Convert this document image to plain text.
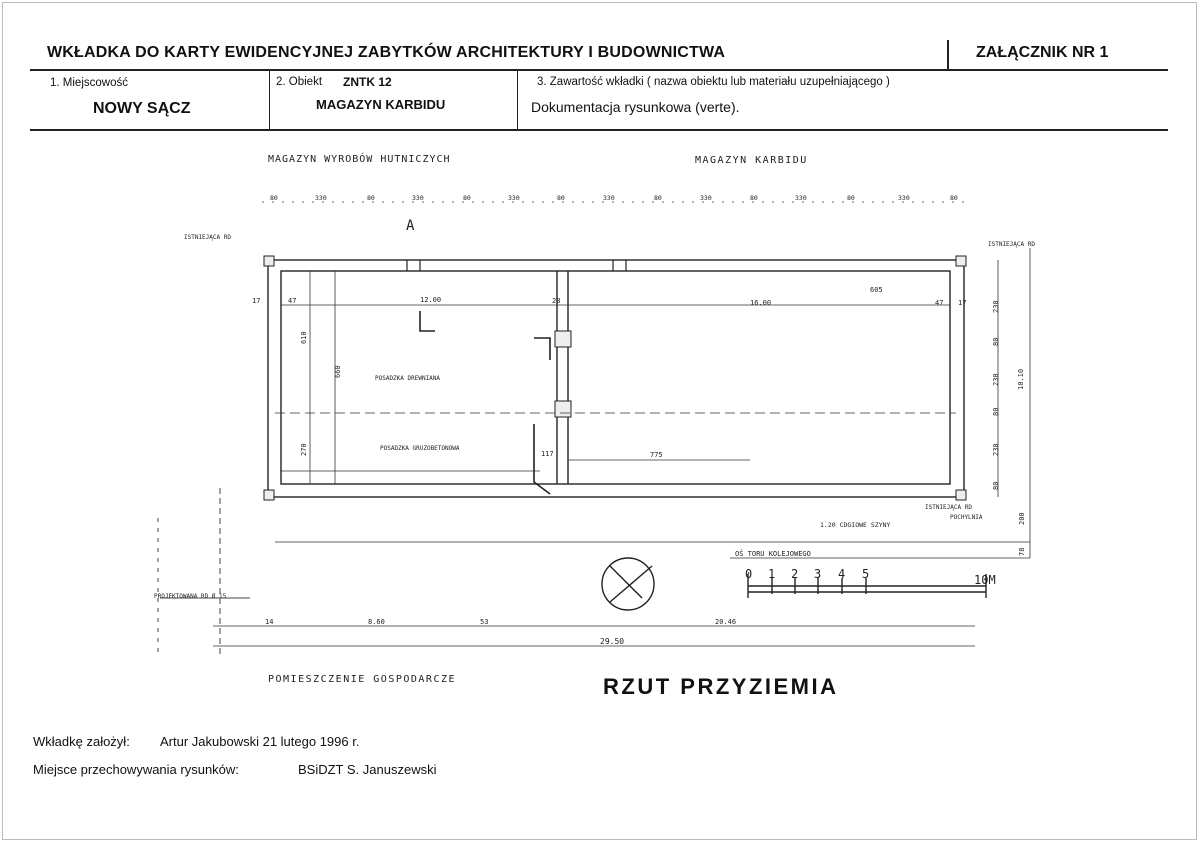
WKŁADKA DO KARTY EWIDENCYJNEJ ZABYTKÓW ARCHITEKTURY I BUDOWNICTWA	ZAŁĄCZNIK NR 1
1. Miejscowość
NOWY SĄCZ
2. Obiekt ZNTK 12
MAGAZYN KARBIDU
3. Zawartość wkładki ( nazwa obiektu lub materiału uzupełniającego )
Dokumentacja rysunkowa (verte).
MAGAZYN WYROBÓW HUTNICZYCH	MAGAZYN KARBIDU
POMIESZCZENIE GOSPODARCZE
POSADZKA DREWNIANA
POSADZKA GRUZOBETONOWA
OŚ TORU KOLEJOWEGO
1.20 CDGIOWE SZYNY
ISTNIEJĄCA RD
ISTNIEJĄCA RD
ISTNIEJĄCA RD
POCHYLNIA
PROJEKTOWANA RD Ø 15
A
12.00	16.00
605
47	47
17	17
28
610
660
270	117	775
10.10
200
78
29.50
10M
80	330	80	330	80	330	80	330	80	330	80	330	80	330	80
230
80
230
80
230
80
14	8.60	53	20.46
0 1 2 3 4 5
RZUT PRZYZIEMIA
Wkładkę założył: Artur Jakubowski 21 lutego 1996 r.
Miejsce przechowywania rysunków:	BSiDZT S. Januszewski
